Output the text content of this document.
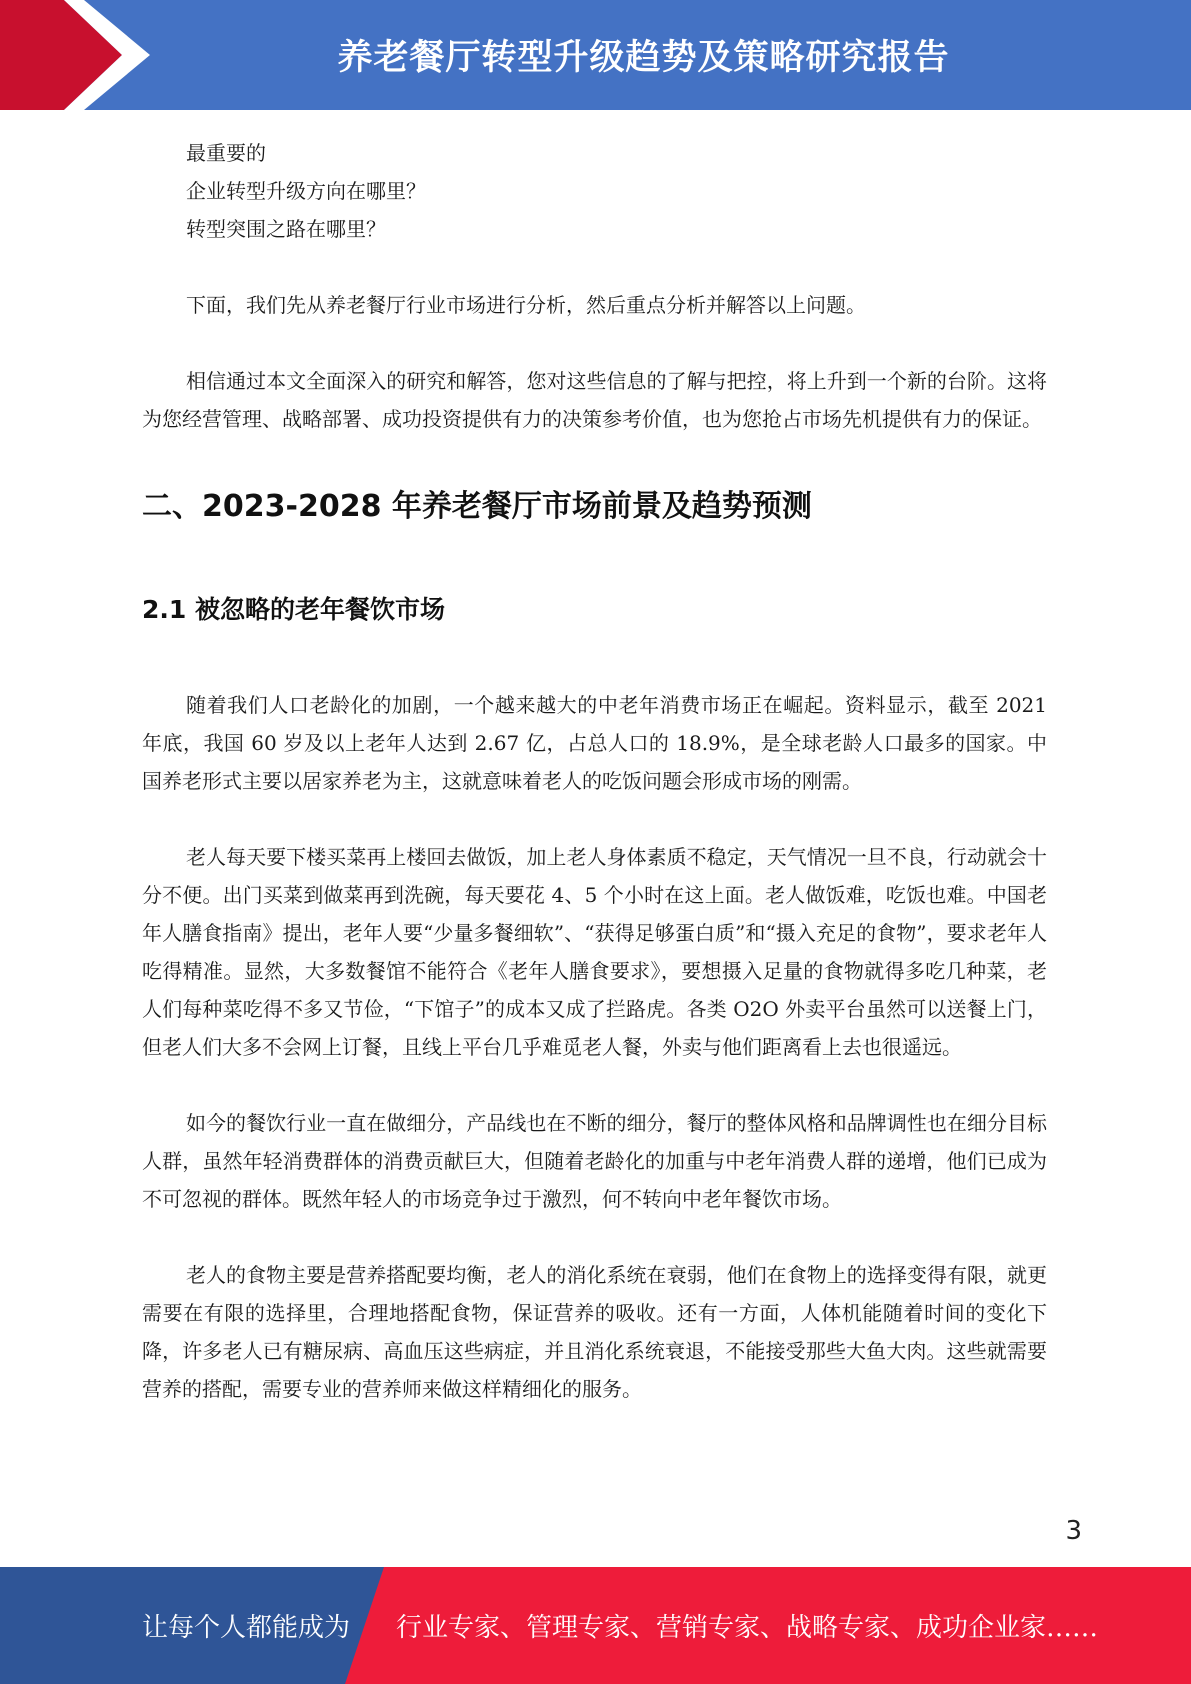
养老餐厅转型升级趋势及策略研究报告

最重要的

企业转型升级方向在哪里？

转型突围之路在哪里？

下面，我们先从养老餐厅行业市场进行分析，然后重点分析并解答以上问题。

相信通过本文全面深入的研究和解答，您对这些信息的了解与把控，将上升到一个新的台阶。这将为您经营管理、战略部署、成功投资提供有力的决策参考价值，也为您抢占市场先机提供有力的保证。

二、2023-2028 年养老餐厅市场前景及趋势预测
2.1 被忽略的老年餐饮市场

随着我们人口老龄化的加剧，一个越来越大的中老年消费市场正在崛起。资料显示，截至 2021 年底，我国 60 岁及以上老年人达到 2.67 亿，占总人口的 18.9%，是全球老龄人口最多的国家。中国养老形式主要以居家养老为主，这就意味着老人的吃饭问题会形成市场的刚需。

老人每天要下楼买菜再上楼回去做饭，加上老人身体素质不稳定，天气情况一旦不良，行动就会十分不便。出门买菜到做菜再到洗碗，每天要花 4、5 个小时在这上面。老人做饭难，吃饭也难。中国老年人膳食指南》提出，老年人要“少量多餐细软”、“获得足够蛋白质”和“摄入充足的食物”，要求老年人吃得精准。显然，大多数餐馆不能符合《老年人膳食要求》，要想摄入足量的食物就得多吃几种菜，老人们每种菜吃得不多又节俭，“下馆子”的成本又成了拦路虎。各类 O2O 外卖平台虽然可以送餐上门，但老人们大多不会网上订餐，且线上平台几乎难觅老人餐，外卖与他们距离看上去也很遥远。

如今的餐饮行业一直在做细分，产品线也在不断的细分，餐厅的整体风格和品牌调性也在细分目标人群，虽然年轻消费群体的消费贡献巨大，但随着老龄化的加重与中老年消费人群的递增，他们已成为不可忽视的群体。既然年轻人的市场竞争过于激烈，何不转向中老年餐饮市场。

老人的食物主要是营养搭配要均衡，老人的消化系统在衰弱，他们在食物上的选择变得有限，就更需要在有限的选择里，合理地搭配食物，保证营养的吸收。还有一方面，人体机能随着时间的变化下降，许多老人已有糖尿病、高血压这些病症，并且消化系统衰退，不能接受那些大鱼大肉。这些就需要营养的搭配，需要专业的营养师来做这样精细化的服务。

3
让每个人都能成为 行业专家、管理专家、营销专家、战略专家、成功企业家……
